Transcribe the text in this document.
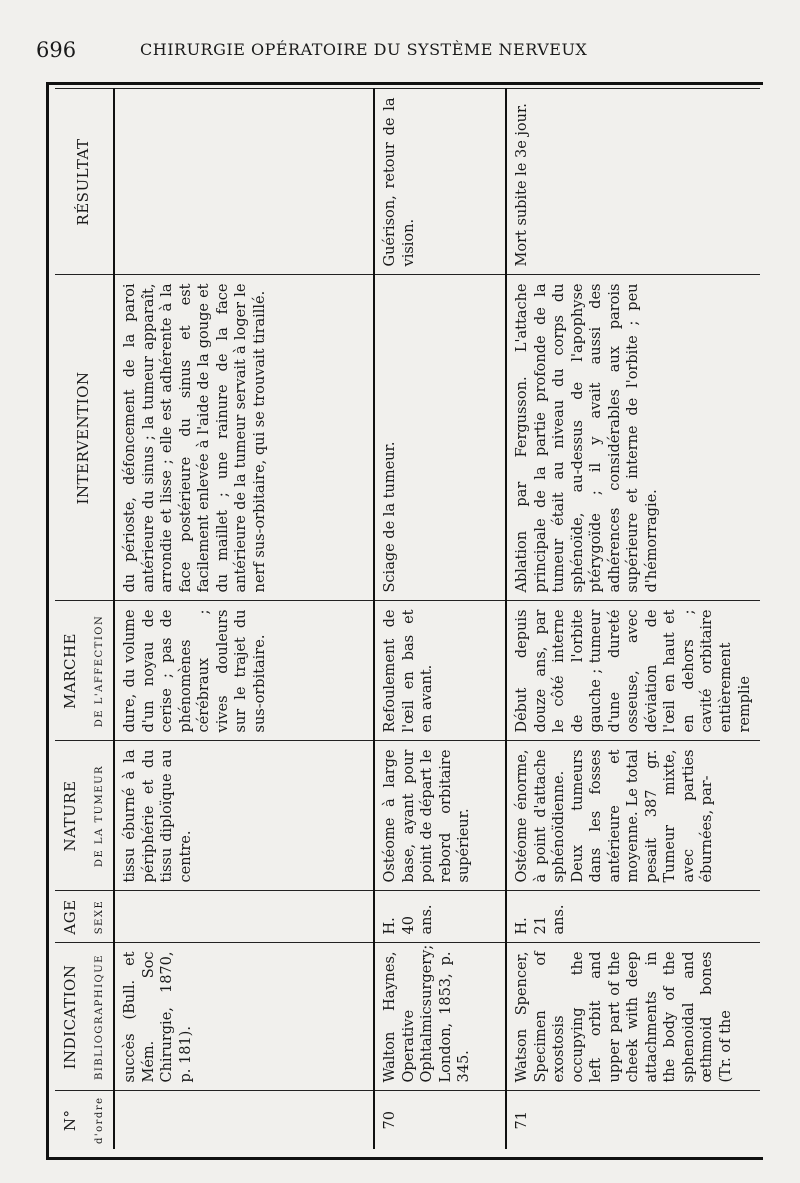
696	CHIRURGIE OPÉRATOIRE DU SYSTÈME NERVEUX
N° d'ordre	INDICATION BIBLIOGRAPHIQUE	AGE SEXE	NATURE DE LA TUMEUR	MARCHE DE L'AFFECTION	INTERVENTION	RÉSULTAT

	succès (Bull. et Mém. Soc Chirurgie, 1870, p. 181).		tissu éburné à la périphérie et du tissu diploïque au centre.	dure, du volume d'un noyau de cerise ; pas de phénomènes cérébraux ; vives douleurs sur le trajet du sus-orbitaire.	du périoste, défoncement de la paroi antérieure du sinus ; la tumeur apparaît, arrondie et lisse ; elle est adhérente à la face postérieure du sinus et est facilement enlevée à l'aide de la gouge et du maillet ; une rainure de la face antérieure de la tumeur servait à loger le nerf sus-orbitaire, qui se trouvait tiraillé.	
70	Walton Haynes, Operative Ophtalmicsurgery; London, 1853, p. 345.	H. 40 ans.	Ostéome à large base, ayant pour point de départ le rebord orbitaire supérieur.	Refoulement de l'œil en bas et en avant.	Sciage de la tumeur.	Guérison, retour de la vision.
71	Watson Spencer, Specimen of exostosis occupying the left orbit and upper part of the cheek with deep attachments in the body of the sphenoidal and œthmoid bones (Tr. of the	H. 21 ans.	Ostéome énorme, à point d'attache sphénoïdienne. Deux tumeurs dans les fosses antérieure et moyenne. Le total pesait 387 gr. Tumeur mixte, avec parties éburnées, par-	Début depuis douze ans, par le côté interne de l'orbite gauche ; tumeur d'une dureté osseuse, avec déviation de l'œil en haut et en dehors ; cavité orbitaire entièrement remplie	Ablation par Fergusson. L'attache principale de la partie profonde de la tumeur était au niveau du corps du sphénoïde, au-dessus de l'apophyse ptérygoïde ; il y avait aussi des adhérences considérables aux parois supérieure et interne de l'orbite ; peu d'hémorragie.	Mort subite le 3e jour.
